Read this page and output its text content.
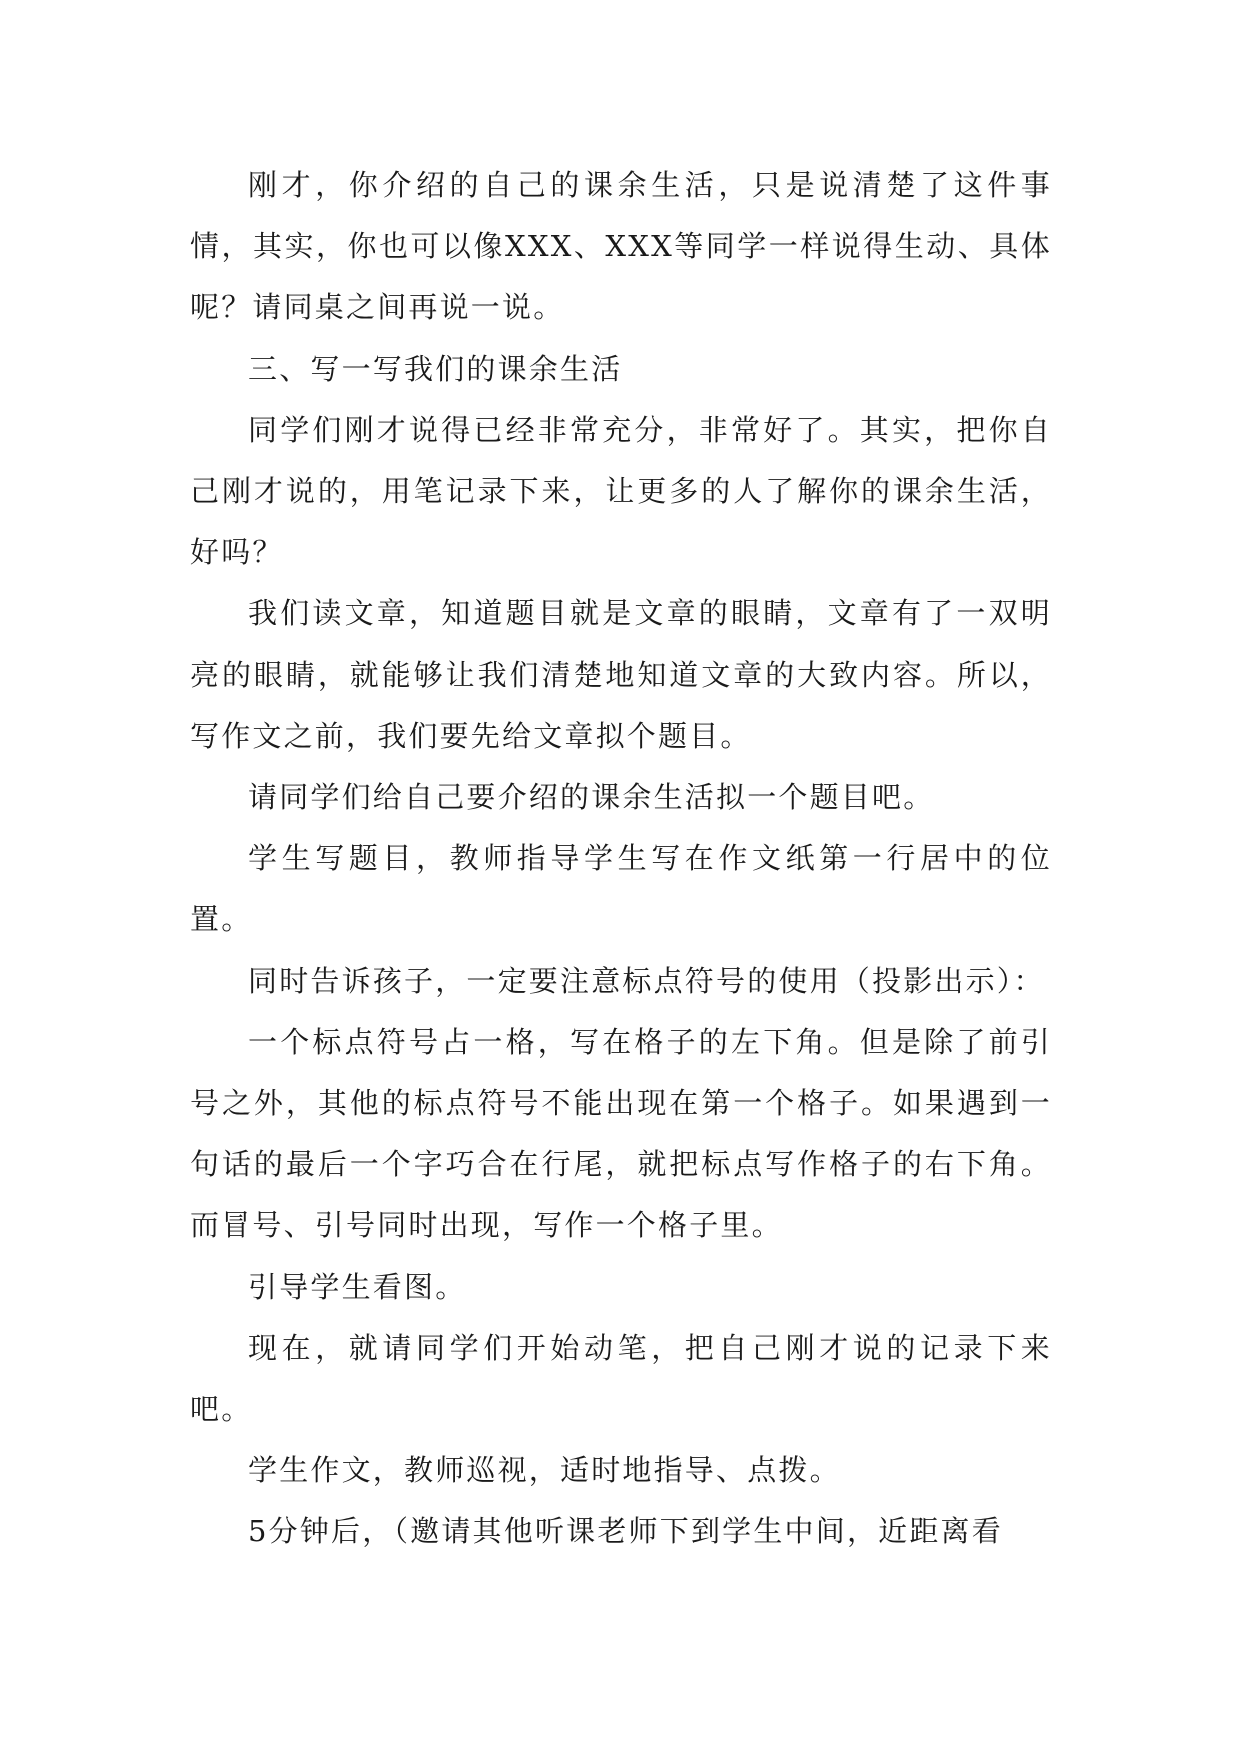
刚才，你介绍的自己的课余生活，只是说清楚了这件事情，其实，你也可以像XXX、XXX等同学一样说得生动、具体呢？请同桌之间再说一说。

三、写一写我们的课余生活

同学们刚才说得已经非常充分，非常好了。其实，把你自己刚才说的，用笔记录下来，让更多的人了解你的课余生活，好吗？

我们读文章，知道题目就是文章的眼睛，文章有了一双明亮的眼睛，就能够让我们清楚地知道文章的大致内容。所以，写作文之前，我们要先给文章拟个题目。

请同学们给自己要介绍的课余生活拟一个题目吧。

学生写题目，教师指导学生写在作文纸第一行居中的位置。

同时告诉孩子，一定要注意标点符号的使用（投影出示）：

一个标点符号占一格，写在格子的左下角。但是除了前引号之外，其他的标点符号不能出现在第一个格子。如果遇到一句话的最后一个字巧合在行尾，就把标点写作格子的右下角。而冒号、引号同时出现，写作一个格子里。

引导学生看图。

现在，就请同学们开始动笔，把自己刚才说的记录下来吧。

学生作文，教师巡视，适时地指导、点拨。

5分钟后，（邀请其他听课老师下到学生中间，近距离看
